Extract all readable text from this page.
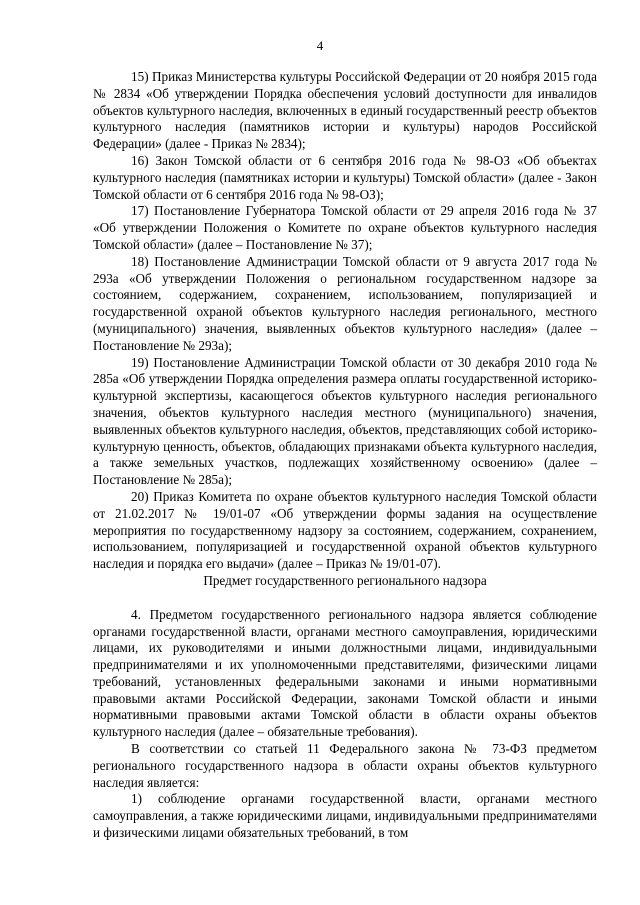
4

15) Приказ Министерства культуры Российской Федерации от 20 ноября 2015 года № 2834 «Об утверждении Порядка обеспечения условий доступности для инвалидов объектов культурного наследия, включенных в единый государственный реестр объектов культурного наследия (памятников истории и культуры) народов Российской Федерации» (далее - Приказ № 2834);

16) Закон Томской области от 6 сентября 2016 года № 98-ОЗ «Об объектах культурного наследия (памятниках истории и культуры) Томской области» (далее - Закон Томской области от 6 сентября 2016 года № 98-ОЗ);

17) Постановление Губернатора Томской области от 29 апреля 2016 года № 37 «Об утверждении Положения о Комитете по охране объектов культурного наследия Томской области» (далее – Постановление № 37);

18) Постановление Администрации Томской области от 9 августа 2017 года № 293а «Об утверждении Положения о региональном государственном надзоре за состоянием, содержанием, сохранением, использованием, популяризацией и государственной охраной объектов культурного наследия регионального, местного (муниципального) значения, выявленных объектов культурного наследия» (далее – Постановление № 293а);

19) Постановление Администрации Томской области от 30 декабря 2010 года № 285а «Об утверждении Порядка определения размера оплаты государственной историко-культурной экспертизы, касающегося объектов культурного наследия регионального значения, объектов культурного наследия местного (муниципального) значения, выявленных объектов культурного наследия, объектов, представляющих собой историко-культурную ценность, объектов, обладающих признаками объекта культурного наследия, а также земельных участков, подлежащих хозяйственному освоению» (далее – Постановление № 285а);

20) Приказ Комитета по охране объектов культурного наследия Томской области от 21.02.2017 № 19/01-07 «Об утверждении формы задания на осуществление мероприятия по государственному надзору за состоянием, содержанием, сохранением, использованием, популяризацией и государственной охраной объектов культурного наследия и порядка его выдачи» (далее – Приказ № 19/01-07).

Предмет государственного регионального надзора

4. Предметом государственного регионального надзора является соблюдение органами государственной власти, органами местного самоуправления, юридическими лицами, их руководителями и иными должностными лицами, индивидуальными предпринимателями и их уполномоченными представителями, физическими лицами требований, установленных федеральными законами и иными нормативными правовыми актами Российской Федерации, законами Томской области и иными нормативными правовыми актами Томской области в области охраны объектов культурного наследия (далее – обязательные требования).

В соответствии со статьей 11 Федерального закона № 73-ФЗ предметом регионального государственного надзора в области охраны объектов культурного наследия является:

1) соблюдение органами государственной власти, органами местного самоуправления, а также юридическими лицами, индивидуальными предпринимателями и физическими лицами обязательных требований, в том
